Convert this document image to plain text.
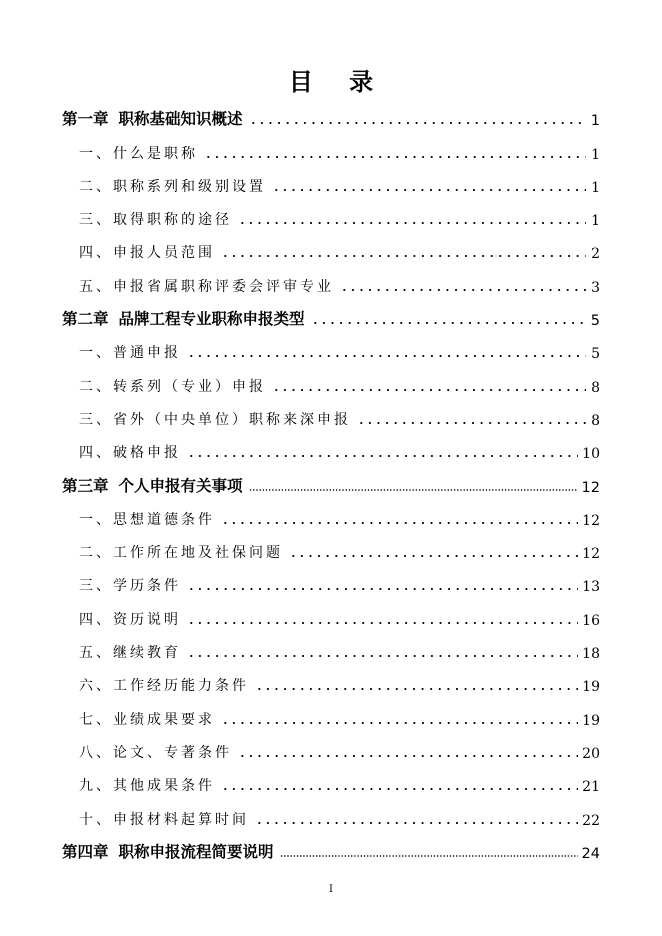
目 录
第一章 职称基础知识概述	1
一、什么是职称	1
二、职称系列和级别设置	1
三、取得职称的途径	1
四、申报人员范围	2
五、申报省属职称评委会评审专业	3
第二章 品牌工程专业职称申报类型	5
一、普通申报	5
二、转系列（专业）申报	8
三、省外（中央单位）职称来深申报	8
四、破格申报	10
第三章 个人申报有关事项	12
一、思想道德条件	12
二、工作所在地及社保问题	12
三、学历条件	13
四、资历说明	16
五、继续教育	18
六、工作经历能力条件	19
七、业绩成果要求	19
八、论文、专著条件	20
九、其他成果条件	21
十、申报材料起算时间	22
第四章 职称申报流程简要说明	24
I
